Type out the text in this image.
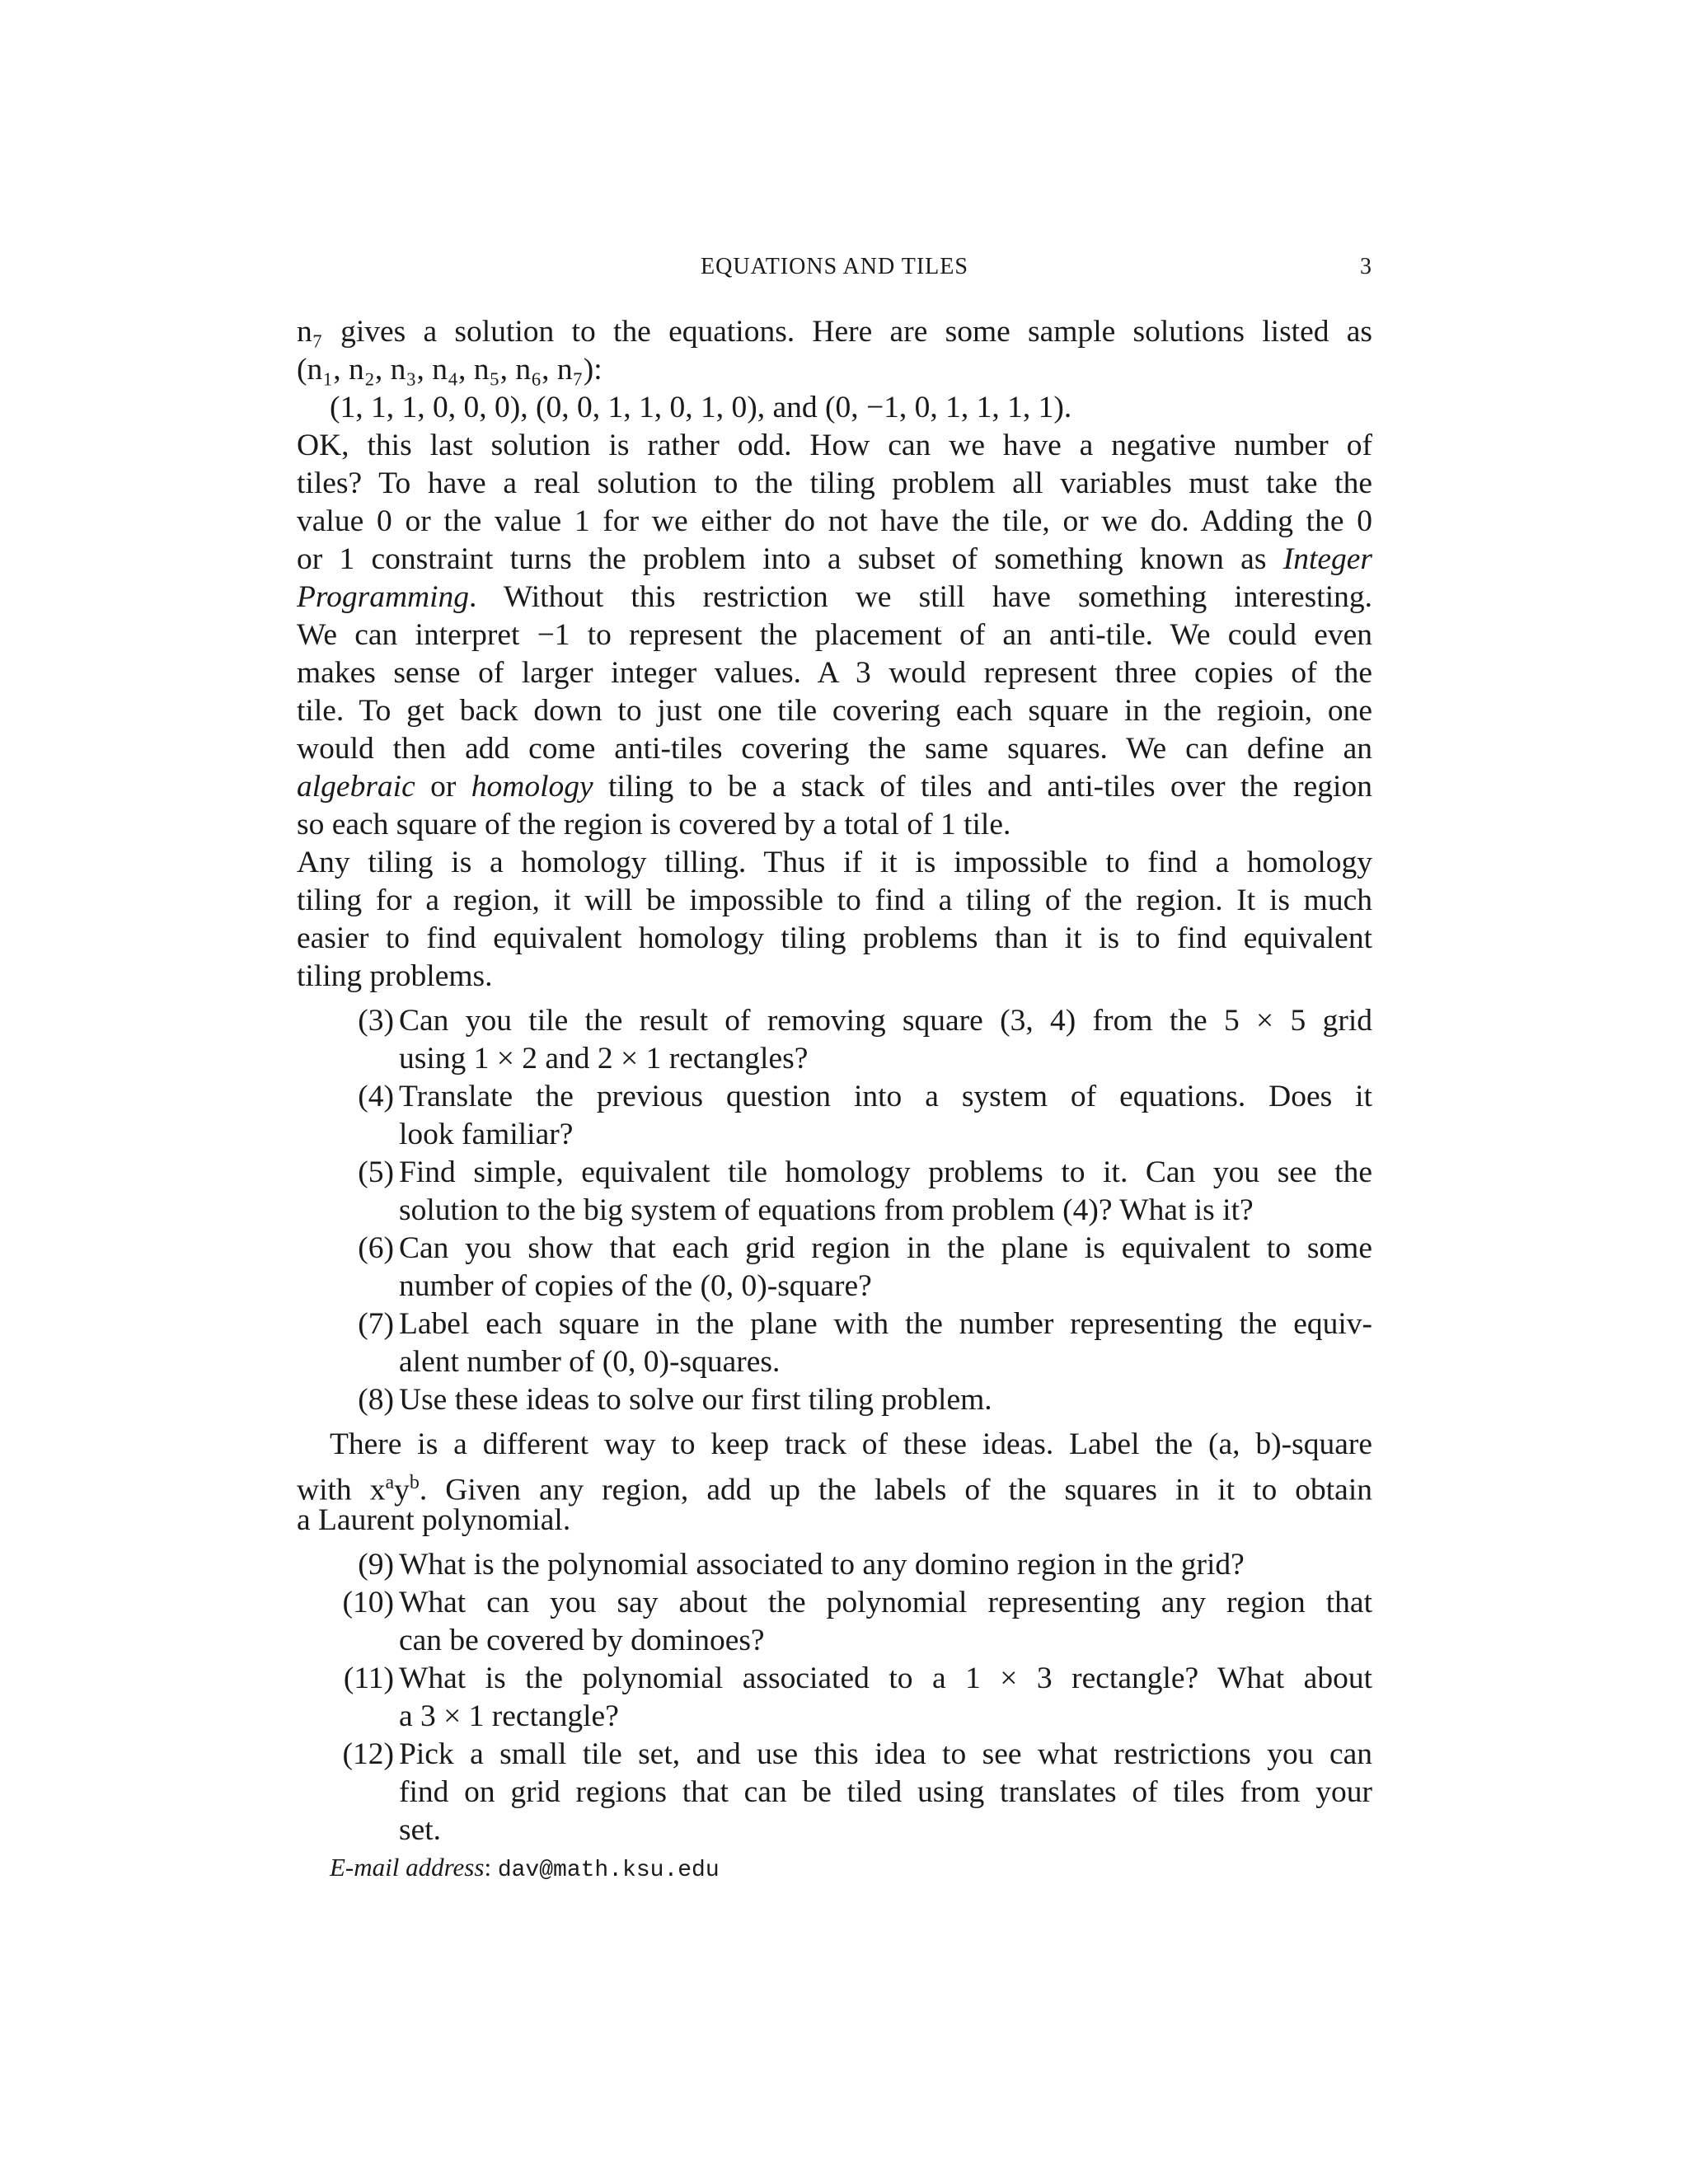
EQUATIONS AND TILES	3
n₇ gives a solution to the equations. Here are some sample solutions listed as
(n₁, n₂, n₃, n₄, n₅, n₆, n₇):
(1, 1, 1, 0, 0, 0), (0, 0, 1, 1, 0, 1, 0), and (0, −1, 0, 1, 1, 1, 1).
OK, this last solution is rather odd. How can we have a negative number of
tiles? To have a real solution to the tiling problem all variables must take the
value 0 or the value 1 for we either do not have the tile, or we do. Adding the 0
or 1 constraint turns the problem into a subset of something known as Integer
Programming. Without this restriction we still have something interesting.
We can interpret −1 to represent the placement of an anti-tile. We could even
makes sense of larger integer values. A 3 would represent three copies of the
tile. To get back down to just one tile covering each square in the regioin, one
would then add come anti-tiles covering the same squares. We can define an
algebraic or homology tiling to be a stack of tiles and anti-tiles over the region
so each square of the region is covered by a total of 1 tile.
Any tiling is a homology tilling. Thus if it is impossible to find a homology
tiling for a region, it will be impossible to find a tiling of the region. It is much
easier to find equivalent homology tiling problems than it is to find equivalent
tiling problems.
(3) Can you tile the result of removing square (3, 4) from the 5 × 5 grid
using 1 × 2 and 2 × 1 rectangles?
(4) Translate the previous question into a system of equations. Does it
look familiar?
(5) Find simple, equivalent tile homology problems to it. Can you see the
solution to the big system of equations from problem (4)? What is it?
(6) Can you show that each grid region in the plane is equivalent to some
number of copies of the (0, 0)-square?
(7) Label each square in the plane with the number representing the equiv-
alent number of (0, 0)-squares.
(8) Use these ideas to solve our first tiling problem.
There is a different way to keep track of these ideas. Label the (a, b)-square
with $x^ay^b$. Given any region, add up the labels of the squares in it to obtain
a Laurent polynomial.
(9) What is the polynomial associated to any domino region in the grid?
(10) What can you say about the polynomial representing any region that
can be covered by dominoes?
(11) What is the polynomial associated to a 1 × 3 rectangle? What about
a 3 × 1 rectangle?
(12) Pick a small tile set, and use this idea to see what restrictions you can
find on grid regions that can be tiled using translates of tiles from your
set.
E-mail address: dav@math.ksu.edu
